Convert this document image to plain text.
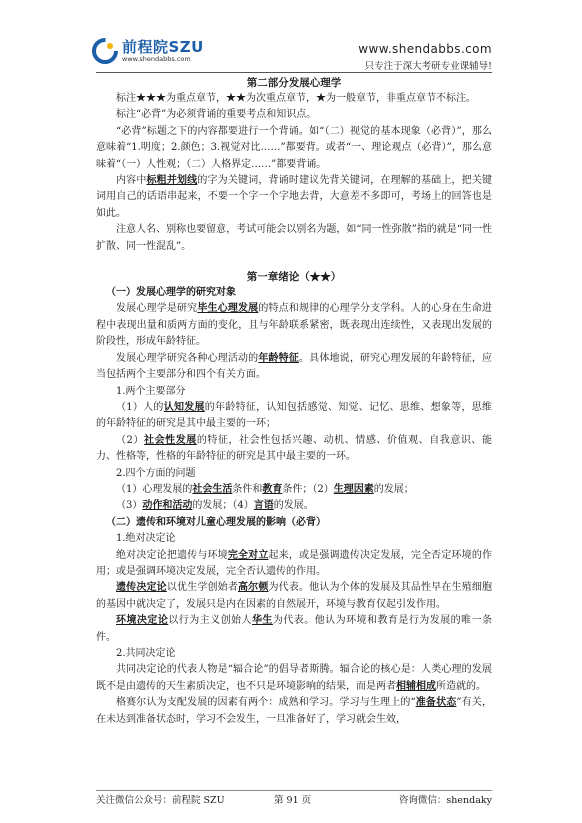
前程院SZU
www.shendabbs.com
www.shendabbs.com
只专注于深大考研专业课辅导!
第二部分发展心理学

标注★★★为重点章节，★★为次重点章节，★为一般章节，非重点章节不标注。

标注“必背”为必须背诵的重要考点和知识点。

“必背”标题之下的内容都要进行一个背诵。如“（二）视觉的基本现象（必背）”，那么意味着“1.明度；2.颜色；3.视觉对比……”都要背。或者“一、理论观点（必背）”，那么意味着“（一）人性观；（二）人格界定……”都要背诵。

内容中标粗并划线的字为关键词，背诵时建议先背关键词，在理解的基础上，把关键词用自己的话语串起来，不要一个字一个字地去背，大意差不多即可，考场上的回答也是如此。

注意人名、别称也要留意，考试可能会以别名为题，如“同一性弥散”指的就是“同一性扩散、同一性混乱”。

第一章绪论（★★）

（一）发展心理学的研究对象

发展心理学是研究毕生心理发展的特点和规律的心理学分支学科。人的心身在生命进程中表现出量和质两方面的变化，且与年龄联系紧密，既表现出连续性，又表现出发展的阶段性，形成年龄特征。

发展心理学研究各种心理活动的年龄特征。具体地说，研究心理发展的年龄特征，应当包括两个主要部分和四个有关方面。

1.两个主要部分

（1）人的认知发展的年龄特征，认知包括感觉、知觉、记忆、思维、想象等，思维的年龄特征的研究是其中最主要的一环；

（2）社会性发展的特征，社会性包括兴趣、动机、情感、价值观、自我意识、能力、性格等，性格的年龄特征的研究是其中最主要的一环。

2.四个方面的问题

（1）心理发展的社会生活条件和教育条件；（2）生理因素的发展；

（3）动作和活动的发展；（4）言语的发展。

（二）遗传和环境对儿童心理发展的影响（必背）

1.绝对决定论

绝对决定论把遗传与环境完全对立起来，或是强调遗传决定发展，完全否定环境的作用；或是强调环境决定发展，完全否认遗传的作用。

遗传决定论以优生学创始者高尔顿为代表。他认为个体的发展及其品性早在生殖细胞的基因中就决定了，发展只是内在因素的自然展开，环境与教育仅起引发作用。

环境决定论以行为主义创始人华生为代表。他认为环境和教育是行为发展的唯一条件。

2.共同决定论

共同决定论的代表人物是“辐合论”的倡导者斯腾。辐合论的核心是：人类心理的发展既不是由遗传的天生素质决定，也不只是环境影响的结果，而是两者相辅相成所造就的。

格赛尔认为支配发展的因素有两个：成熟和学习。学习与生理上的“准备状态”有关，在未达到准备状态时，学习不会发生，一旦准备好了，学习就会生效，

关注微信公众号：前程院 SZU	第 91 页	咨询微信：shendaky
